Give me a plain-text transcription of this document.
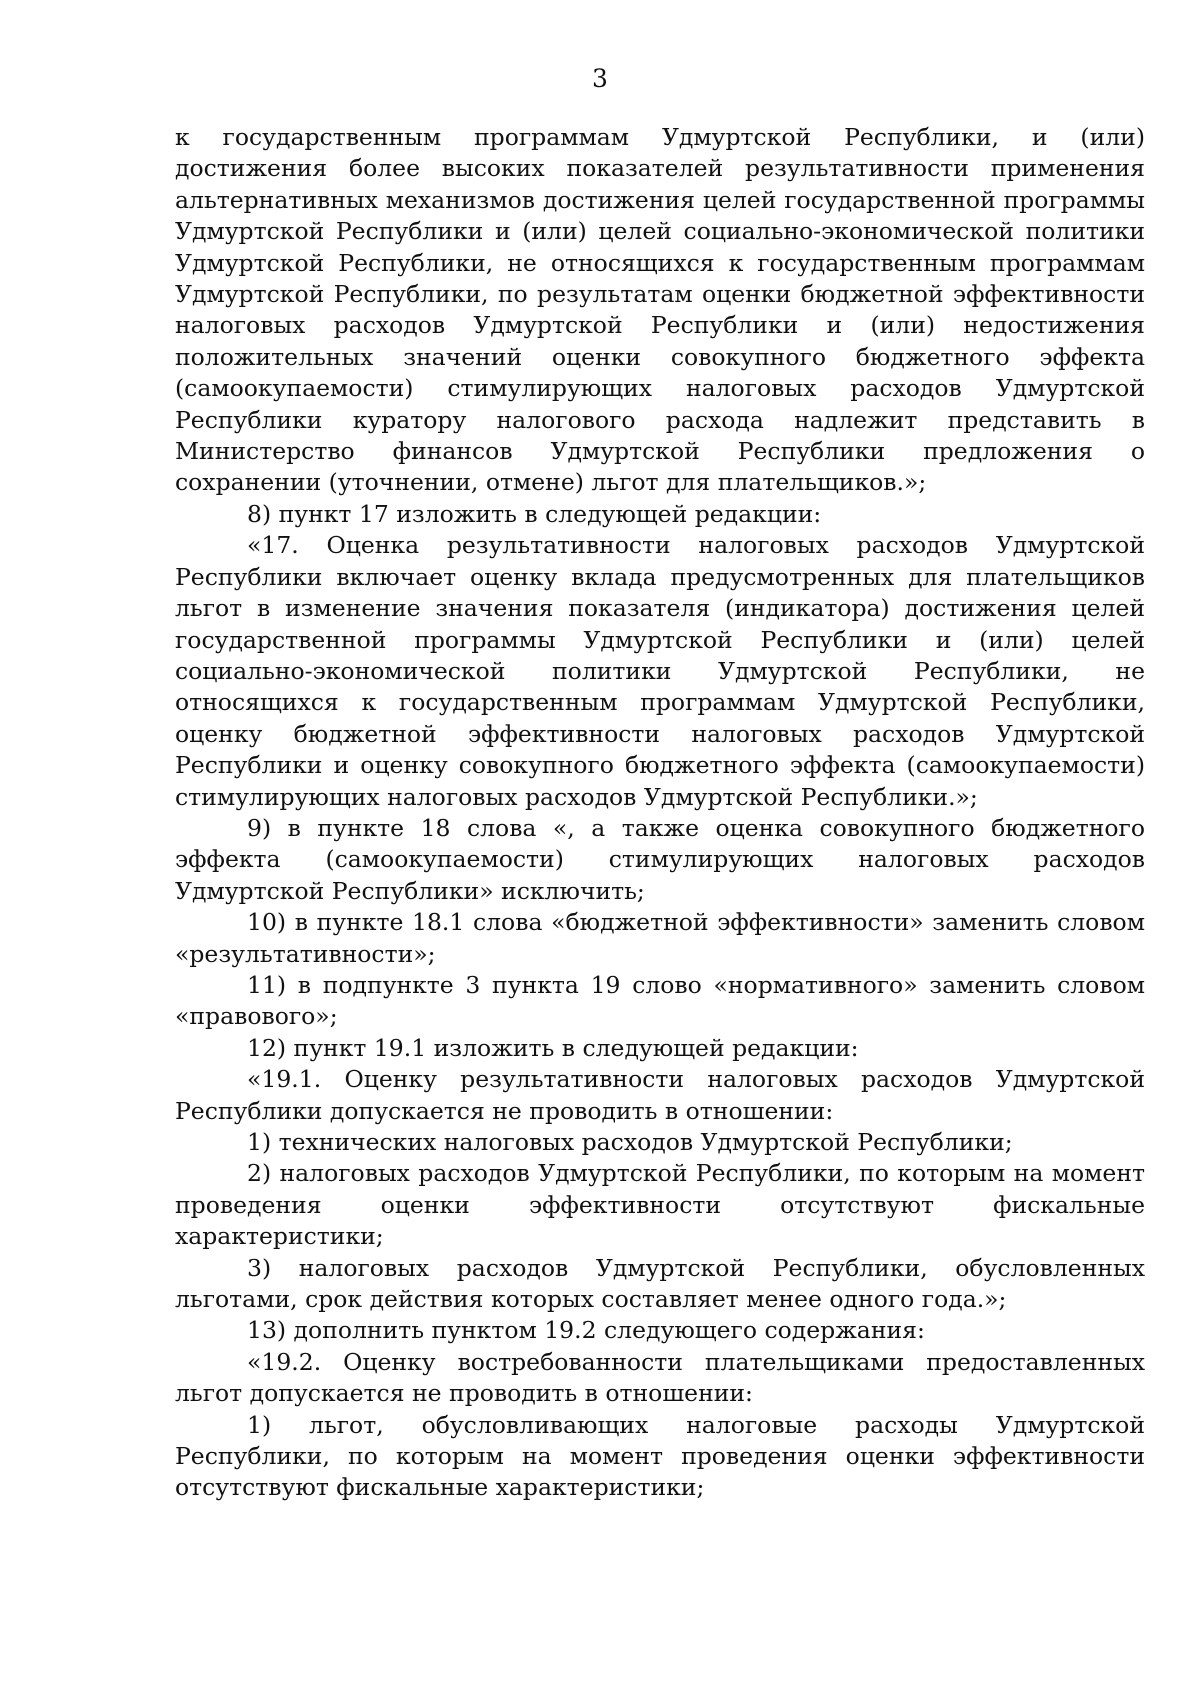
3

к государственным программам Удмуртской Республики, и (или) достижения более высоких показателей результативности применения альтернативных механизмов достижения целей государственной программы Удмуртской Республики и (или) целей социально-экономической политики Удмуртской Республики, не относящихся к государственным программам Удмуртской Республики, по результатам оценки бюджетной эффективности налоговых расходов Удмуртской Республики и (или) недостижения положительных значений оценки совокупного бюджетного эффекта (самоокупаемости) стимулирующих налоговых расходов Удмуртской Республики куратору налогового расхода надлежит представить в Министерство финансов Удмуртской Республики предложения о сохранении (уточнении, отмене) льгот для плательщиков.»;

8) пункт 17 изложить в следующей редакции:

«17. Оценка результативности налоговых расходов Удмуртской Республики включает оценку вклада предусмотренных для плательщиков льгот в изменение значения показателя (индикатора) достижения целей государственной программы Удмуртской Республики и (или) целей социально-экономической политики Удмуртской Республики, не относящихся к государственным программам Удмуртской Республики, оценку бюджетной эффективности налоговых расходов Удмуртской Республики и оценку совокупного бюджетного эффекта (самоокупаемости) стимулирующих налоговых расходов Удмуртской Республики.»;

9) в пункте 18 слова «, а также оценка совокупного бюджетного эффекта (самоокупаемости) стимулирующих налоговых расходов Удмуртской Республики» исключить;

10) в пункте 18.1 слова «бюджетной эффективности» заменить словом «результативности»;

11) в подпункте 3 пункта 19 слово «нормативного» заменить словом «правового»;

12) пункт 19.1 изложить в следующей редакции:

«19.1. Оценку результативности налоговых расходов Удмуртской Республики допускается не проводить в отношении:

1) технических налоговых расходов Удмуртской Республики;

2) налоговых расходов Удмуртской Республики, по которым на момент проведения оценки эффективности отсутствуют фискальные характеристики;

3) налоговых расходов Удмуртской Республики, обусловленных льготами, срок действия которых составляет менее одного года.»;

13) дополнить пунктом 19.2 следующего содержания:

«19.2. Оценку востребованности плательщиками предоставленных льгот допускается не проводить в отношении:

1) льгот, обусловливающих налоговые расходы Удмуртской Республики, по которым на момент проведения оценки эффективности отсутствуют фискальные характеристики;
